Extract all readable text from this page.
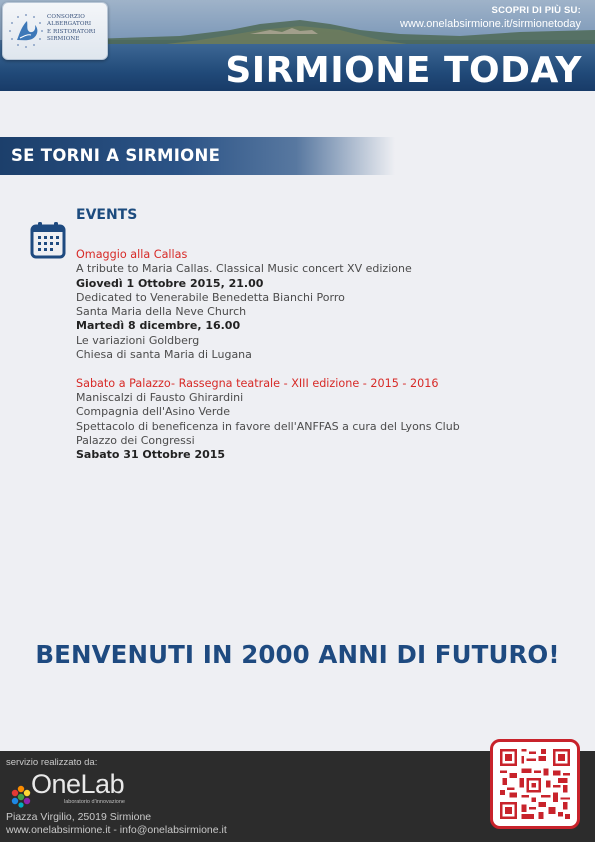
CONSORZIO
ALBERGATORI
E RISTORATORI
SIRMIONE
SCOPRI DI PIÙ SU:
www.onelabsirmione.it/sirmionetoday
SIRMIONE TODAY
SE TORNI A SIRMIONE
EVENTS
Omaggio alla Callas
A tribute to Maria Callas. Classical Music concert XV edizione
Giovedì 1 Ottobre 2015, 21.00
Dedicated to Venerabile Benedetta Bianchi Porro
Santa Maria della Neve Church
Martedì 8 dicembre, 16.00
Le variazioni Goldberg
Chiesa di santa Maria di Lugana
Sabato a Palazzo- Rassegna teatrale - XIII edizione - 2015 - 2016
Maniscalzi di Fausto Ghirardini
Compagnia dell'Asino Verde
Spettacolo di beneficenza in favore dell'ANFFAS a cura del Lyons Club
Palazzo dei Congressi
Sabato 31 Ottobre 2015
BENVENUTI IN 2000 ANNI DI FUTURO!
servizio realizzato da:
OneLab
laboratorio d'innovazione
Piazza Virgilio, 25019 Sirmione
www.onelabsirmione.it - info@onelabsirmione.it
